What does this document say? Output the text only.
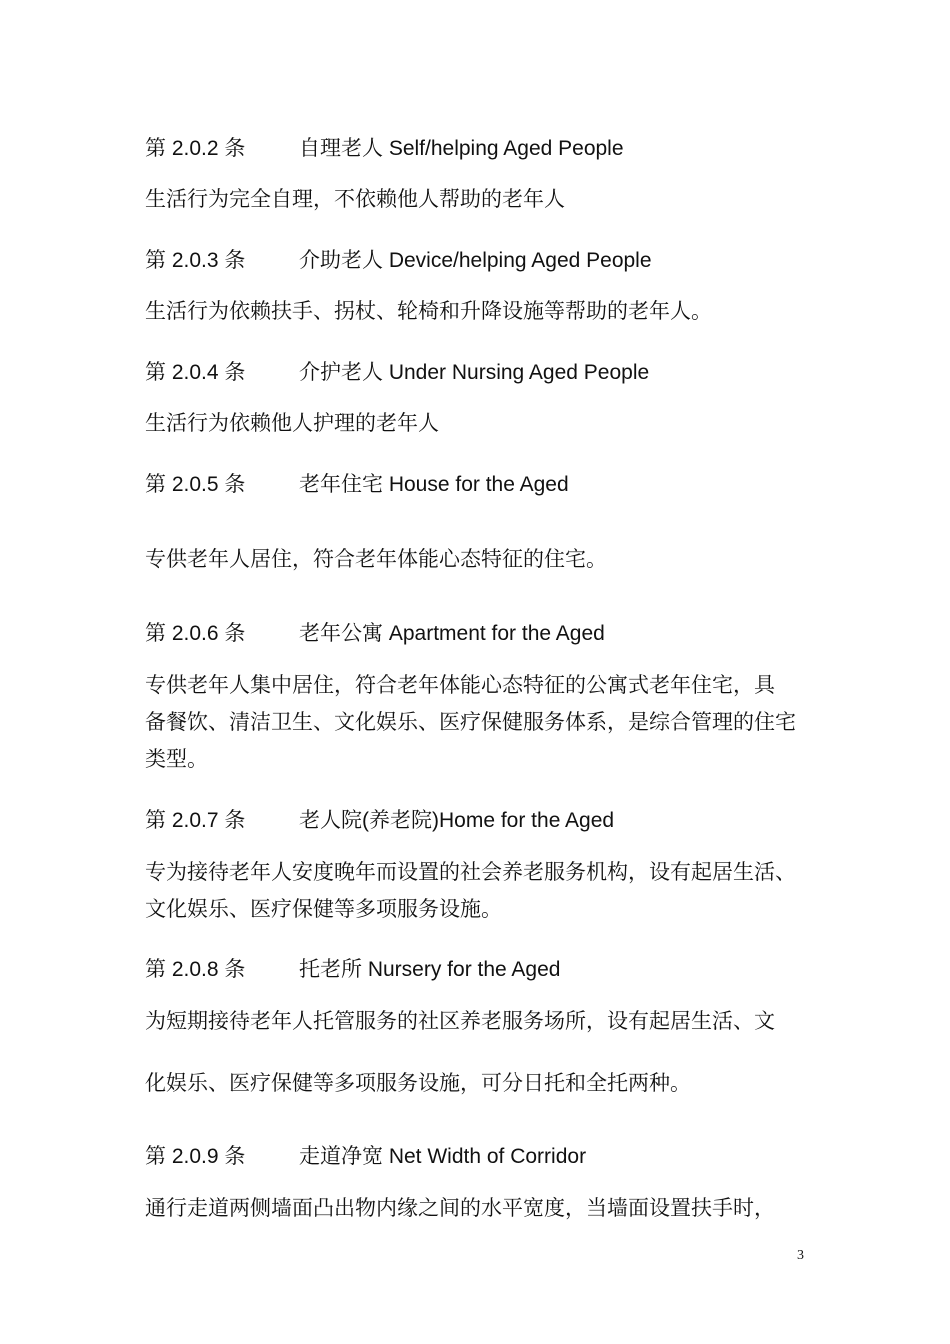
第 2.0.2 条	自理老人 Self/helping Aged People
生活行为完全自理，不依赖他人帮助的老年人
第 2.0.3 条	介助老人 Device/helping Aged People
生活行为依赖扶手、拐杖、轮椅和升降设施等帮助的老年人。
第 2.0.4 条	介护老人 Under Nursing Aged People
生活行为依赖他人护理的老年人
第 2.0.5 条	老年住宅 House for the Aged
专供老年人居住，符合老年体能心态特征的住宅。
第 2.0.6 条	老年公寓 Apartment for the Aged
专供老年人集中居住，符合老年体能心态特征的公寓式老年住宅，具
备餐饮、清洁卫生、文化娱乐、医疗保健服务体系，是综合管理的住宅
类型。
第 2.0.7 条	老人院(养老院)Home for the Aged
专为接待老年人安度晚年而设置的社会养老服务机构，设有起居生活、
文化娱乐、医疗保健等多项服务设施。
第 2.0.8 条	托老所 Nursery for the Aged
为短期接待老年人托管服务的社区养老服务场所，设有起居生活、文
化娱乐、医疗保健等多项服务设施，可分日托和全托两种。
第 2.0.9 条	走道净宽 Net Width of Corridor
通行走道两侧墙面凸出物内缘之间的水平宽度，当墙面设置扶手时，
3
